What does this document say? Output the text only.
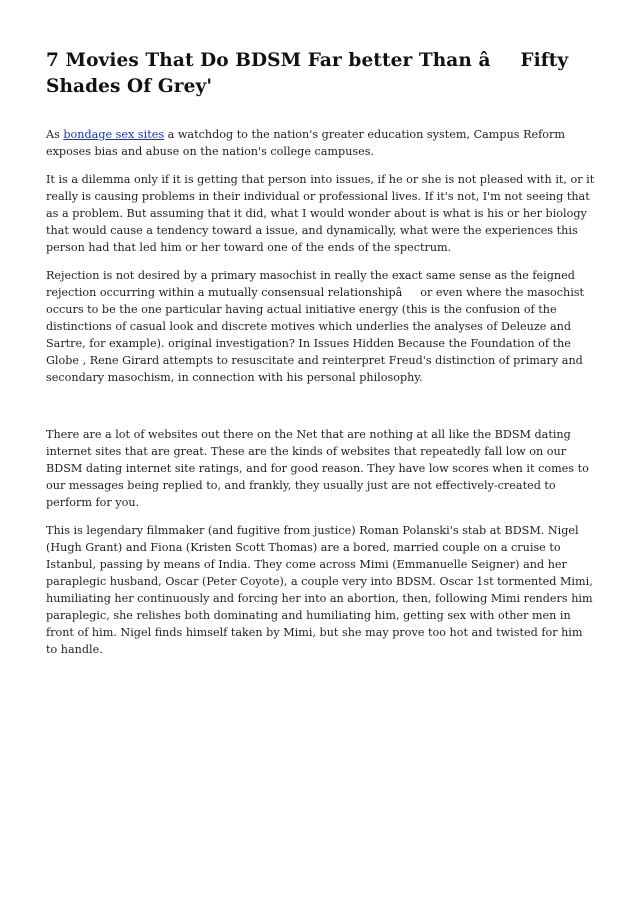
7 Movies That Do BDSM Far better Than âFifty Shades Of Grey'

As bondage sex sites a watchdog to the nation's greater education system, Campus Reform exposes bias and abuse on the nation's college campuses.

It is a dilemma only if it is getting that person into issues, if he or she is not pleased with it, or it really is causing problems in their individual or professional lives. If it's not, I'm not seeing that as a problem. But assuming that it did, what I would wonder about is what is his or her biology that would cause a tendency toward a issue, and dynamically, what were the experiences this person had that led him or her toward one of the ends of the spectrum.

Rejection is not desired by a primary masochist in really the exact same sense as the feigned rejection occurring within a mutually consensual relationshipâor even where the masochist occurs to be the one particular having actual initiative energy (this is the confusion of the distinctions of casual look and discrete motives which underlies the analyses of Deleuze and Sartre, for example). original investigation? In Issues Hidden Because the Foundation of the Globe , Rene Girard attempts to resuscitate and reinterpret Freud's distinction of primary and secondary masochism, in connection with his personal philosophy.

There are a lot of websites out there on the Net that are nothing at all like the BDSM dating internet sites that are great. These are the kinds of websites that repeatedly fall low on our BDSM dating internet site ratings, and for good reason. They have low scores when it comes to our messages being replied to, and frankly, they usually just are not effectively-created to perform for you.

This is legendary filmmaker (and fugitive from justice) Roman Polanski's stab at BDSM. Nigel (Hugh Grant) and Fiona (Kristen Scott Thomas) are a bored, married couple on a cruise to Istanbul, passing by means of India. They come across Mimi (Emmanuelle Seigner) and her paraplegic husband, Oscar (Peter Coyote), a couple very into BDSM. Oscar 1st tormented Mimi, humiliating her continuously and forcing her into an abortion, then, following Mimi renders him paraplegic, she relishes both dominating and humiliating him, getting sex with other men in front of him. Nigel finds himself taken by Mimi, but she may prove too hot and twisted for him to handle.
